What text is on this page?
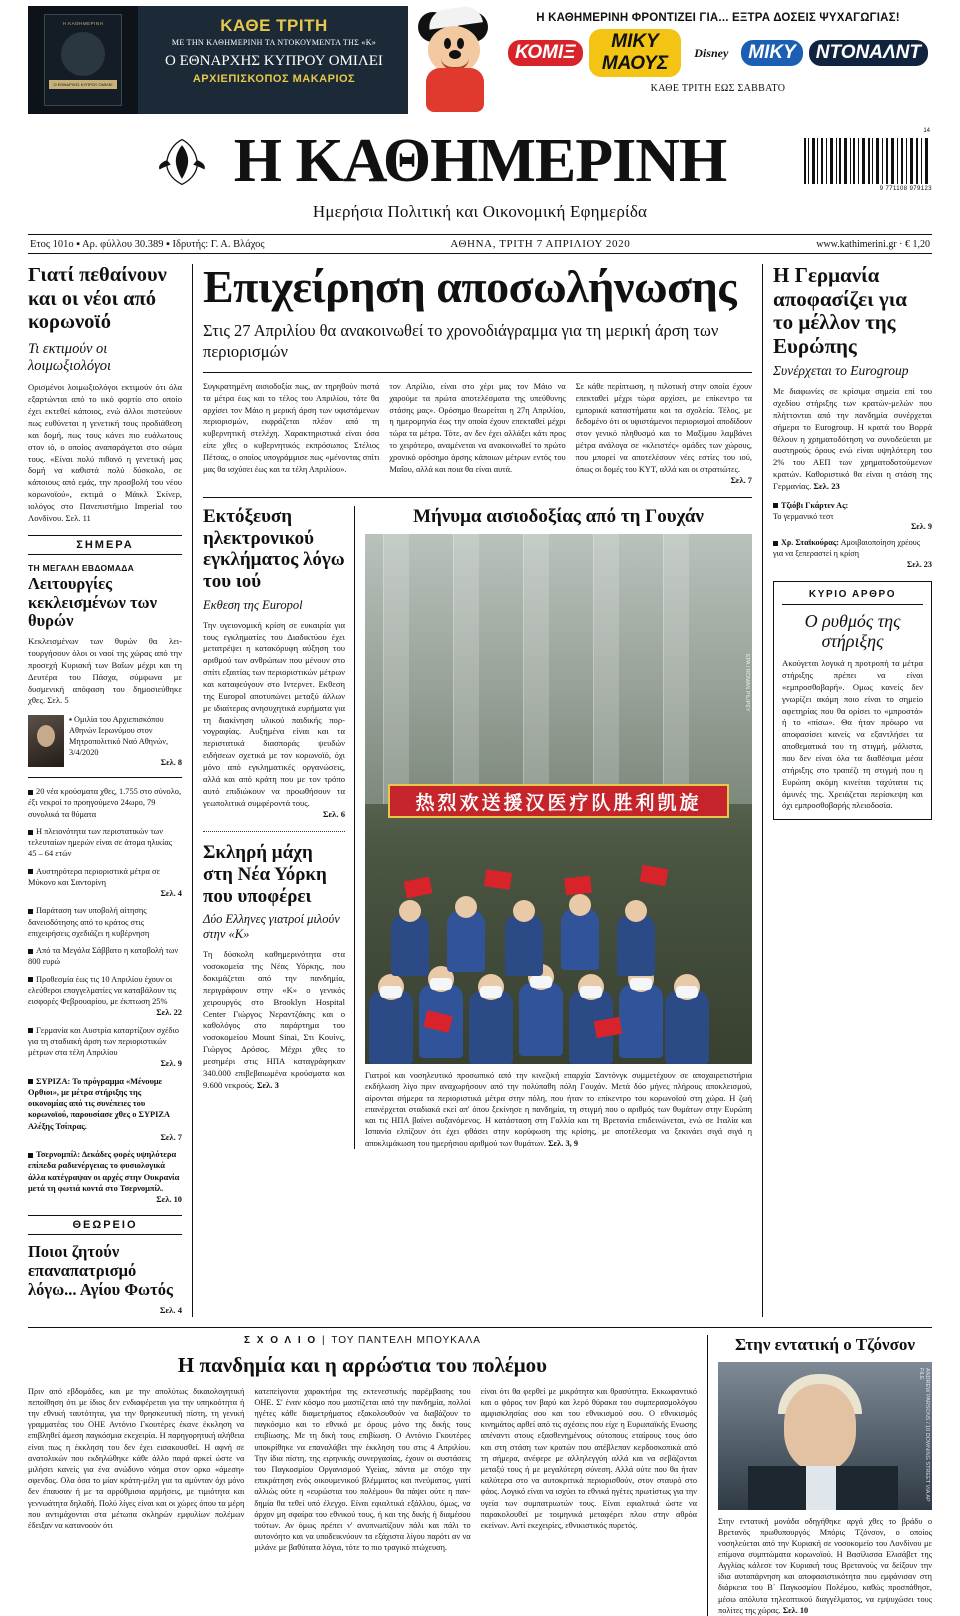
Η ΚΑΘΗΜΕΡΙΝΗ
Ο ΕΘΝΑΡΧΗΣ ΚΥΠΡΟΥ ΟΜΙΛΕΙ
ΚΑΘΕ ΤΡΙΤΗ
ΜΕ ΤΗΝ ΚΑΘΗΜΕΡΙΝΗ ΤΑ ΝΤΟΚΟΥΜΕΝΤΑ ΤΗΣ «Κ»
Ο ΕΘΝΑΡΧΗΣ ΚΥΠΡΟΥ ΟΜΙΛΕΙ
ΑΡΧΙΕΠΙΣΚΟΠΟΣ ΜΑΚΑΡΙΟΣ
Η ΚΑΘΗΜΕΡΙΝΗ ΦΡΟΝΤΙΖΕΙ ΓΙΑ... ΕΞΤΡΑ ΔΟΣΕΙΣ ΨΥΧΑΓΩΓΙΑΣ!
ΚΟΜΙΞ
ΜΙΚΥ ΜΑΟΥΣ
Disney	ΜΙΚΥ	ΝΤΟΝΑΛΝΤ
ΚΑΘΕ ΤΡΙΤΗ ΕΩΣ ΣΑΒΒΑΤΟ
Η ΚΑΘΗΜΕΡΙΝΗ
Ημερήσια Πολιτική και Οικονομική Εφημερίδα
14
9 771108 979123
Ετος 101ο ▪ Αρ. φύλλου 30.389 ▪ Ιδρυτής: Γ. Α. Βλάχος	ΑΘΗΝΑ, ΤΡΙΤΗ 7 ΑΠΡΙΛΙΟΥ 2020	www.kathimerini.gr · € 1,20
Γιατί πεθαίνουν και οι νέοι από κορωνοϊό
Τι εκτιμούν οι λοιμωξιολόγοι
Ορισμένοι λοιμωξιολόγοι εκτιμούν ότι όλα εξαρτώνται από το ιικό φορτίο στο οποίο έχει εκτεθεί κάποιος, ενώ άλλοι πιστεύουν πως ευθύνεται η γενετική τους προδιάθεση και δομή, πως τους κάνει πιο ευάλωτους στον ιό, ο οποίος αναπαράγεται στο σώμα τους. «Είναι πολύ πιθανό η γενετική μας δομή να καθιστά πολύ δύσκολο, σε κάποιους από εμάς, την προσβολή του νέου κορωνοϊού», εκτιμά ο Μάικλ Σκίνερ, ιολόγος στο Πανεπιστήμιο Imperial του Λονδίνου. Σελ. 11
ΣΗΜΕΡΑ
ΤΗ ΜΕΓΑΛΗ ΕΒΔΟΜΑΔΑ
Λειτουργίες κεκλεισμένων των θυρών
Κεκλεισμένων των θυρών θα λειτουργήσουν όλοι οι ναοί της χώρας από την προσεχή Κυριακή των Βαΐων μέχρι και τη Δευτέρα του Πάσχα, σύμφωνα με δυσμενική απόφαση του δημοσιεύθηκε χθες. Σελ. 5
▪ Ομιλία του Αρχιεπισκόπου Αθηνών Ιερωνύμου στον Μητροπολιτικό Ναό Αθηνών, 3/4/2020
Σελ. 8

20 νέα κρούσματα χθες, 1.755 στο σύνολο, έξι νεκροί το προηγούμενο 24ωρο, 79 συνολικά τα θύματα

Η πλειονότητα των περιστατικών των τελευταίων ημερών είναι σε άτομα ηλικίας 45 – 64 ετών

Αυστηρότερα περιοριστικά μέτρα σε Μύκονο και Σαντορίνη
Σελ. 4

Παράταση των υποβολή αίτησης δανειοδότησης από το κράτος στις επιχειρήσεις σχεδιάζει η κυβέρνηση

Από τα Μεγάλα Σάββατο η καταβολή των 800 ευρώ

Προθεσμία έως τις 10 Απριλίου έχουν οι ελεύθεροι επαγγελματίες να καταβάλουν τις εισφορές Φεβρουαρίου, με έκπτωση 25%
Σελ. 22

Γερμανία και Αυστρία καταρτίζουν σχέδιο για τη σταδιακή άρση των περιοριστικών μέτρων στα τέλη Απριλίου
Σελ. 9

ΣΥΡΙΖΑ: Το πρόγραμμα «Μένουμε Ορθιοι», με μέτρα στήριξης της οικονομίας από τις συνέπειες του κορωνοϊού, παρουσίασε χθες ο ΣΥΡΙΖΑ Αλέξης Τσίπρας.
Σελ. 7

Τσερνομπίλ: Δεκάδες φορές υψηλότερα επίπεδα ραδιενέργειας το φυσιολογικά άλλα κατέγραψαν οι αρχές στην Ουκρανία μετά τη φωτιά κοντά στο Τσερνομπίλ.
Σελ. 10

ΘΕΩΡΕΙΟ
Ποιοι ζητούν επαναπατρισμό λόγω... Αγίου Φωτός
Σελ. 4
Επιχείρηση αποσωλήνωσης
Στις 27 Απριλίου θα ανακοινωθεί το χρονοδιάγραμμα για τη μερική άρση των περιορισμών
Συγκρατημένη αισιοδοξία πως, αν τηρηθούν πιστά τα μέτρα έως και το τέλος του Απριλίου, τότε θα αρχίσει τον Μάιο η μερική άρση των υφιστάμενων περιορισμών, εκφράζεται πλέον από τη κυβερνητική στελέχη. Χαρακτηριστικά είναι όσα είπε χθες ο κυβερνητικός εκπρόσωπος Στέλιος Πέτσας, ο οποίος υπογράμμισε πως «μένοντας σπίτι μας θα ισχύσει έως και τα τέλη Απριλίου».
τον Απρίλιο, είναι στο χέρι μας τον Μάιο να χαρούμε τα πρώτα αποτελέσματα της υπεύθυνης στάσης μας». Ορόσημο θεωρείται η 27η Απριλίου, η ημερομηνία έως την οποία έχουν επεκταθεί μέχρι τώρα τα μέτρα. Τότε, αν δεν έχει αλλάξει κάτι προς το χειρότερο, αναμένεται να ανακοινωθεί το πρώτο χρονικό ορόσημο άρσης κάποιων μέτρων εντός του Μαΐου, αλλά και ποια θα είναι αυτά.
Σε κάθε περίπτωση, η πιλοτική στην οποία έχουν επεκταθεί μέχρι τώρα αρχίσει, με επίκεντρο τα εμπορικά καταστήματα και τα σχολεία. Τέλος, με δεδομένο ότι οι υφιστάμενοι περιορισμοί αποδίδουν στον γενικό πληθυσμό και το Μαξίμου λαμβάνει μέτρα ανάλογα σε «κλειστές» ομάδες των χώρους, που μπορεί να αποτελέσουν νέες εστίες του ιού, όπως οι δομές του ΚΥΤ, αλλά και οι στρατιώτες.
Σελ. 7
Εκτόξευση ηλεκτρονικού εγκλήματος λόγω του ιού
Εκθεση της Europol
Την υγειονομική κρίση σε ευκαιρία για τους εγκληματίες του Διαδικτύου έχει μετατρέψει η κατακόρυφη αύξηση του αριθμού των ανθρώπων που μένουν στο σπίτι εξαιτίας των περιοριστικών μέτρων και καταφεύγουν στο Ιντερνετ. Εκθεση της Europol αποτυπώνει μεταξύ άλλων με ιδιαίτερας ανησυχητικά ευρήματα για τη διακίνηση υλικού παιδικής πορνογραφίας. Αυξημένα είναι και τα περιστατικά διασποράς ψευδών ειδήσεων σχετικά με τον κορωνοϊό, όχι μόνο από εγκληματικές οργανώσεις, αλλά και από κράτη που με τον τρόπο αυτό επιδιώκουν να προωθήσουν τα γεωπολιτικά συμφέροντά τους.
Σελ. 6
Σκληρή μάχη στη Νέα Υόρκη που υποφέρει
Δύο Ελληνες γιατροί μιλούν στην «Κ»
Τη δύσκολη καθημερινότητα στα νοσοκομεία της Νέας Υόρκης, που δοκιμάζεται από την πανδημία, περιγράφουν στην «Κ» ο γενικός χειρουργός στο Brooklyn Hospital Center Γιώργος Νεραντζάκης και ο καθολόγος στο παράρτημα του νοσοκομείου Mount Sinai, Στι Κουίνς, Γιώργος Δρόσος. Μέχρι χθες το μεσημέρι στις ΗΠΑ καταγράφηκαν 340.000 επιβεβαιωμένα κρούσματα και 9.600 νεκρούς. Σελ. 3
Μήνυμα αισιοδοξίας από τη Γουχάν
热烈欢送援汉医疗队胜利凯旋
ΕΡΑ / ROMAN PILIPEY
Γιατροί και νοσηλευτικό προσωπικό από την κινεζική επαρχία Σαντόνγκ συμμετέχουν σε αποχαιρετιστήρια εκδήλωση λίγο πριν αναχωρήσουν από την πολύπαθη πόλη Γουχάν. Μετά δύο μήνες πλήρους αποκλεισμού, αίρονται σήμερα τα περιοριστικά μέτρα στην πόλη, που ήταν το επίκεντρο του κορωνοϊού στη χώρα. Η ζωή επανέρχεται σταδιακά εκεί απ' όπου ξεκίνησε η πανδημία, τη στιγμή που ο αριθμός των θυμάτων στην Ευρώπη και τις ΗΠΑ βαίνει αυξανόμενος. Η κατάσταση στη Γαλλία και τη Βρετανία επιδεινώνεται, ενώ σε Ιταλία και Ισπανία ελπίζουν ότι έχει φθάσει στην κορύφωση της κρίσης, με αποτέλεσμα να ξεκινάει σιγά σιγά η αποκλιμάκωση του ημερήσιου αριθμού των θυμάτων. Σελ. 3, 9
Η Γερμανία αποφασίζει για το μέλλον της Ευρώπης
Συνέρχεται το Eurogroup
Με διαφωνίες σε κρίσιμα σημεία επί του σχεδίου στήριξης των κρατών-μελών που πλήττονται από την πανδημία συνέρχεται σήμερα το Eurogroup. Η κρατά του Βορρά θέλουν η χρηματοδότηση να συνοδεύεται με αυστηρούς όρους ενώ είναι υψηλότερη του 2% του ΑΕΠ των χρηματοδοτούμενων κρατών. Καθοριστικό θα είναι η στάση της Γερμανίας. Σελ. 23

Τζιόβι Γκάρτεν Ας:
Το γερμανικό τεστ
Σελ. 9

Χρ. Σταϊκούρας: Αμοιβαιοποίηση χρέους για να ξεπεραστεί η κρίση
Σελ. 23

ΚΥΡΙΟ ΑΡΘΡΟ
Ο ρυθμός της στήριξης
Ακούγεται λογικά η προτροπή τα μέτρα στήριξης πρέπει να είναι «εμπροσθοβαρή». Ομως κανείς δεν γνωρίζει ακόμη ποιο είναι το σημείο αφετηρίας που θα ορίσει το «μπροστά» ή το «πίσω». Θα ήταν πρόωρο να αποφασίσει κανείς να εξαντλήσει τα αποθεματικά του τη στιγμή, μάλιστα, που δεν είναι όλα τα διαθέσιμα μέσα στήριξης στο τραπέζι τη στιγμή που η Ευρώπη ακόμη κινείται ταχύτατα τις άμυνές της. Χρειάζεται περίσκεψη και όχι εμπροσθοβαρής πλειοδοσία.
Σ Χ Ο Λ Ι Ο | ΤΟΥ ΠΑΝΤΕΛΗ ΜΠΟΥΚΑΛΑ
Η πανδημία και η αρρώστια του πολέμου
Πριν από εβδομάδες, και με την απολύτως δικαιολογητική πεποίθηση ότι με ίδιος δεν ενδιαφέρεται για την υπηκοότητα ή την εθνική ταυτότητα, για την θρησκευτική πίστη, τη γενική γραμματέας του ΟΗΕ Αντόνιο Γκουτέρες έκανε έκκληση να επιβληθεί άμεση παγκόσμια εκεχειρία. Η παρηγορητική αλήθεια είναι πως η έκκληση του δεν έχει εισακουσθεί. Η αφνή σε ανατολικών που εκδηλώθηκε κάθε άλλο παρά αρκεί ώστε να μιλήσει κανείς για ένα ανώδυνο νόημα στον ορκο «άμεση» σφενδος. Ολα όσα το μίαν κράτη-μέλη για τα αμύνταν όχι μόνο δεν έπαυσαν ή με τα αρρύθμισια αρμήσεις, με τιμιότητα και γεννωάτητα δηλαδή. Πολύ λίγες είναι και οι χώρες όπου τα μέρη που αντιμάχονται στα μέτωπα σκληρών εμφυλίων πολέμων έδειξαν να κατανοούν ότι
κατεπείγοντα χαρακτήρα της εκτενεστικής παρέμβασης του ΟΗΕ. Σ' έναν κόσμο που μαστίζεται από την πανδημία, πολλοί ηγέτες κάθε διαμετρήματος εξακολουθούν να διαβάζουν το παγκόσμιο και το εθνικό με όρους μόνο της δικής τους επιβίωσης. Με τη δική τους επιβίωση. Ο Αντόνιο Γκουτέρες υποκρίθηκε να επαναλάβει την έκκληση του στις 4 Απριλίου. Την ίδια πίστη, της ειρηνικής συνεργασίας, έχουν οι συστάσεις του Παγκοσμίου Οργανισμού Υγείας, πάντα με στόχο την επικράτηση ενός οικουμενικού βλέμματος και πνεύματος, γιατί αλλιώς ούτε η «ευρώστια του πολέμου» θα πάψει ούτε η πανδημία θα τεθεί υπό έλεγχο. Είναι εφιαλτικά εξάλλου, όμως, να άρχον μη σφαίρα του εθνικού τους, ή και της δικής ή διαμέσου τούτων. Αν όμως πρέπει ν' ανυπνωπίζουν πάλι και πάλι το αυτονόητο και να υποδεικνύουν τα εξάχιστα λίγου παρότι αν να μιλάνε με βαθύτατα λόγια, τότε το πιο τραγικό πτώχευση.
είναι ότι θα φερθεί με μικρότητα και θρασύτητα. Εκκωφαντικό και ο φόρος τον βαρύ και λερό θύρακα του συμπερασμολόγου αμφισκλησίας σου και του εθνικισμού σου. Ο εθνικισμός κινημάτος αρθεί από τις σχέσεις που είχε η Ευρωπαϊκής Ενωσης απέναντι στους εξασθενημένους ούτοπους εταίρους τους όσο και στη στάση των κρατών που απέβλεπαν κερδοσκοπικά από τη σήμερα, ανέφερε με αλληλεγγύη αλλά και να σεβάζονται μεταξύ τους ή με μεγαλύτερη σύνεση. Αλλά ούτε που θα ήταν καλύτερα στο να αυτοκριτικά περιορισθούν, στον σταυρό στο φάος. Λογικό είναι να ισχύει το εθνικά ηγέτες πρωτίστως για την υγεία των συμπατριωτών τους. Είναι εφιαλτικά ώστε να παρακολουθεί με τοιμηνικά μεταφέρει πλου στην αθρόα εκείνων. Αντί εκεχειρίες, εθνικιστικός πυρετός.
Στην εντατική ο Τζόνσον
ANDREW PARSONS / 10 DOWNING STREET VIA AP FILE
Στην εντατική μονάδα οδηγήθηκε αργά χθες το βράδυ ο Βρετανός πρωθυπουργός Μπόρις Τζόνσον, ο οποίος νοσηλεύεται από την Κυριακή σε νοσοκομείο του Λονδίνου με επίμονα συμπτώματα κορωνοϊού. Η Βασίλισσα Ελισάβετ της Αγγλίας κάλεσε τον Κυριακή τους Βρετανούς να δείξουν την ίδια αυταπάρνηση και αποφασιστικότητα που εμφάνισαν στη διάρκεια του Β΄ Παγκοσμίου Πολέμου, καθώς προσπάθησε, μέσω απόλυτα τηλεοπτικού διαγγέλματος, να εμψυχώσει τους πολίτες της χώρας. Σελ. 10
